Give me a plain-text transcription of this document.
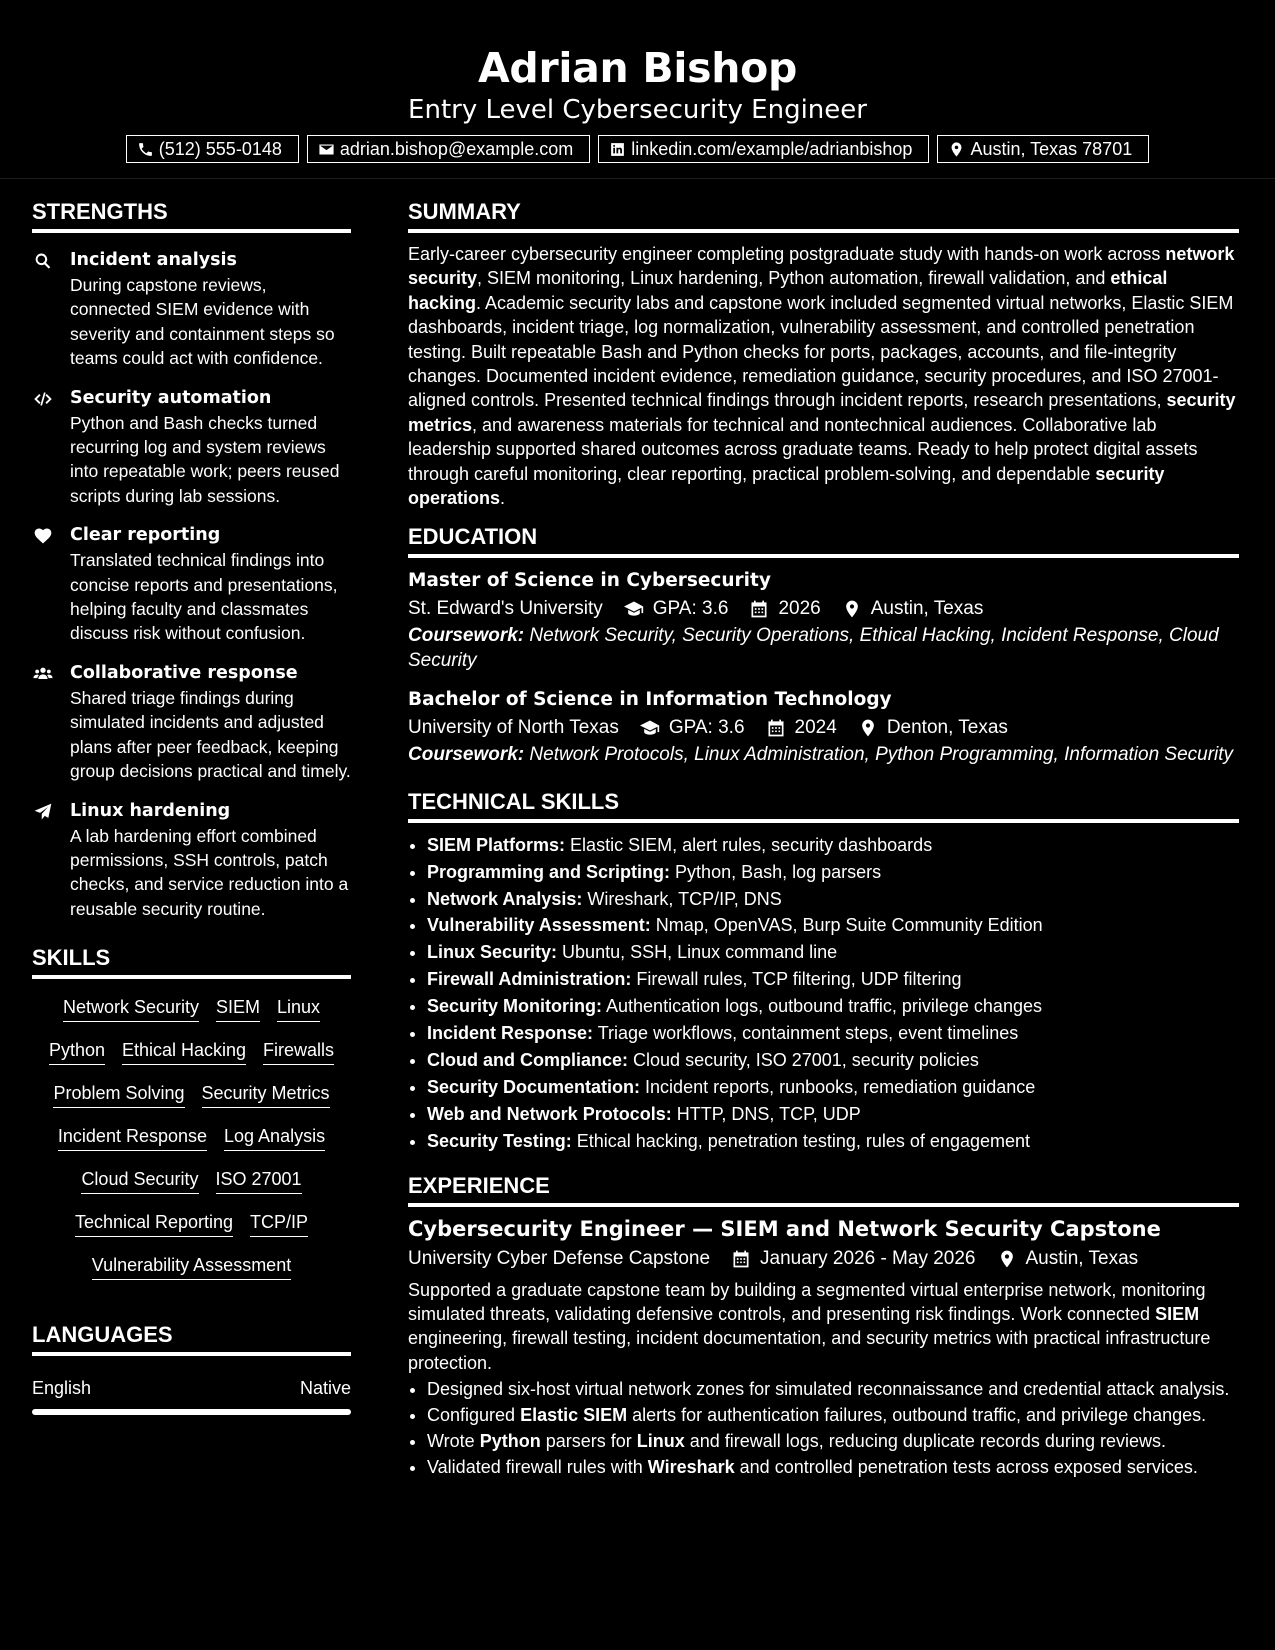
Adrian Bishop
Entry Level Cybersecurity Engineer
(512) 555-0148	adrian.bishop@example.com	linkedin.com/example/adrianbishop	Austin, Texas 78701
STRENGTHS
Incident analysis
During capstone reviews, connected SIEM evidence with severity and containment steps so teams could act with confidence.
Security automation
Python and Bash checks turned recurring log and system reviews into repeatable work; peers reused scripts during lab sessions.
Clear reporting
Translated technical findings into concise reports and presentations, helping faculty and classmates discuss risk without confusion.
Collaborative response
Shared triage findings during simulated incidents and adjusted plans after peer feedback, keeping group decisions practical and timely.
Linux hardening
A lab hardening effort combined permissions, SSH controls, patch checks, and service reduction into a reusable security routine.
SKILLS
Network Security SIEM Linux
Python Ethical Hacking Firewalls
Problem Solving Security Metrics
Incident Response Log Analysis
Cloud Security ISO 27001
Technical Reporting TCP/IP
Vulnerability Assessment
LANGUAGES
English	Native
SUMMARY
Early-career cybersecurity engineer completing postgraduate study with hands-on work across network security, SIEM monitoring, Linux hardening, Python automation, firewall validation, and ethical hacking. Academic security labs and capstone work included segmented virtual networks, Elastic SIEM dashboards, incident triage, log normalization, vulnerability assessment, and controlled penetration testing. Built repeatable Bash and Python checks for ports, packages, accounts, and file-integrity changes. Documented incident evidence, remediation guidance, security procedures, and ISO 27001-aligned controls. Presented technical findings through incident reports, research presentations, security metrics, and awareness materials for technical and nontechnical audiences. Collaborative lab leadership supported shared outcomes across graduate teams. Ready to help protect digital assets through careful monitoring, clear reporting, practical problem-solving, and dependable security operations.
EDUCATION
Master of Science in Cybersecurity
St. Edward's University	GPA: 3.6	2026	Austin, Texas
Coursework: Network Security, Security Operations, Ethical Hacking, Incident Response, Cloud Security
Bachelor of Science in Information Technology
University of North Texas	GPA: 3.6	2024	Denton, Texas
Coursework: Network Protocols, Linux Administration, Python Programming, Information Security
TECHNICAL SKILLS
• SIEM Platforms: Elastic SIEM, alert rules, security dashboards
• Programming and Scripting: Python, Bash, log parsers
• Network Analysis: Wireshark, TCP/IP, DNS
• Vulnerability Assessment: Nmap, OpenVAS, Burp Suite Community Edition
• Linux Security: Ubuntu, SSH, Linux command line
• Firewall Administration: Firewall rules, TCP filtering, UDP filtering
• Security Monitoring: Authentication logs, outbound traffic, privilege changes
• Incident Response: Triage workflows, containment steps, event timelines
• Cloud and Compliance: Cloud security, ISO 27001, security policies
• Security Documentation: Incident reports, runbooks, remediation guidance
• Web and Network Protocols: HTTP, DNS, TCP, UDP
• Security Testing: Ethical hacking, penetration testing, rules of engagement
EXPERIENCE
Cybersecurity Engineer — SIEM and Network Security Capstone
University Cyber Defense Capstone	January 2026 - May 2026	Austin, Texas
Supported a graduate capstone team by building a segmented virtual enterprise network, monitoring simulated threats, validating defensive controls, and presenting risk findings. Work connected SIEM engineering, firewall testing, incident documentation, and security metrics with practical infrastructure protection.
• Designed six-host virtual network zones for simulated reconnaissance and credential attack analysis.
• Configured Elastic SIEM alerts for authentication failures, outbound traffic, and privilege changes.
• Wrote Python parsers for Linux and firewall logs, reducing duplicate records during reviews.
• Validated firewall rules with Wireshark and controlled penetration tests across exposed services.
